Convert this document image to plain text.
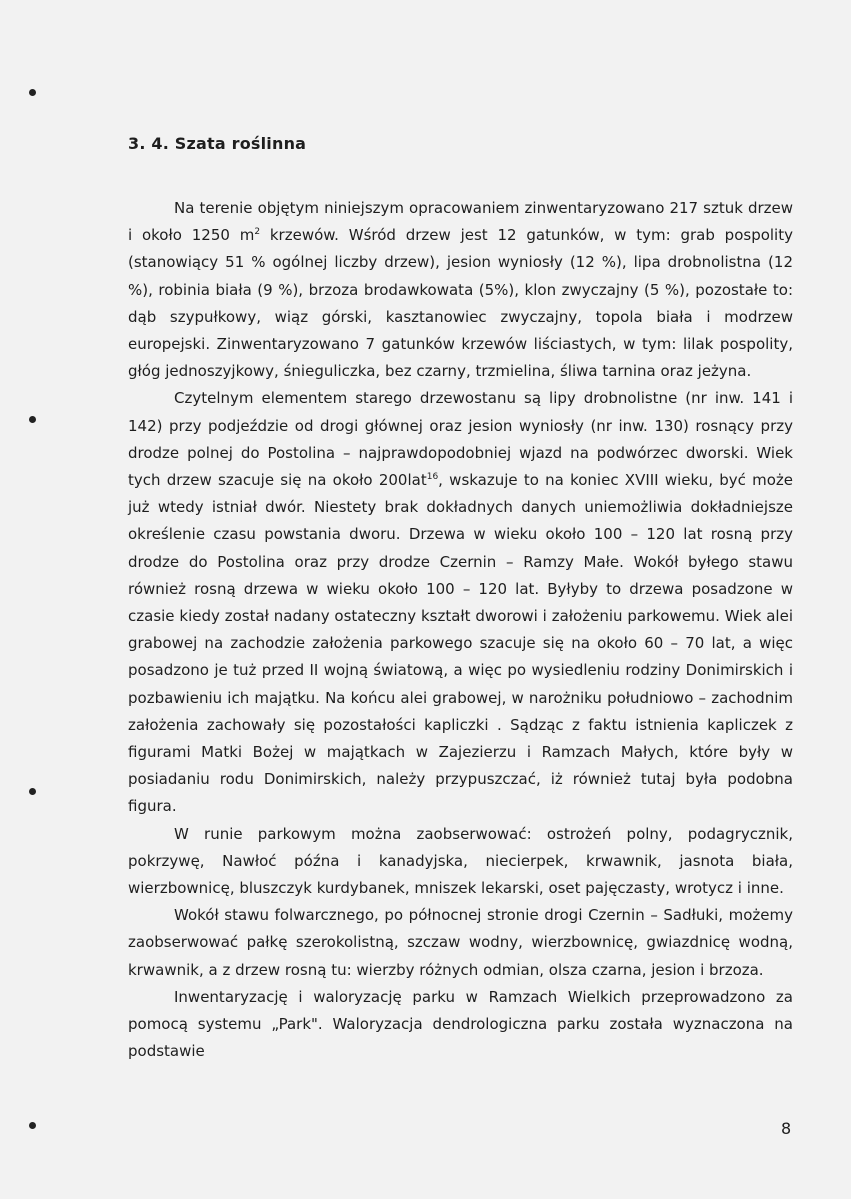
3. 4. Szata roślinna

Na terenie objętym niniejszym opracowaniem zinwentaryzowano 217 sztuk drzew i około 1250 $m^2$ krzewów. Wśród drzew jest 12 gatunków, w tym: grab pospolity (stanowiący 51 % ogólnej liczby drzew), jesion wyniosły (12 %), lipa drobnolistna (12 %), robinia biała (9 %), brzoza brodawkowata (5%), klon zwyczajny (5 %), pozostałe to: dąb szypułkowy, wiąz górski, kasztanowiec zwyczajny, topola biała i modrzew europejski. Zinwentaryzowano 7 gatunków krzewów liściastych, w tym: lilak pospolity, głóg jednoszyjkowy, śnieguliczka, bez czarny, trzmielina, śliwa tarnina oraz jeżyna.

Czytelnym elementem starego drzewostanu są lipy drobnolistne (nr inw. 141 i 142) przy podjeździe od drogi głównej oraz jesion wyniosły (nr inw. 130) rosnący przy drodze polnej do Postolina – najprawdopodobniej wjazd na podwórzec dworski. Wiek tych drzew szacuje się na około 200lat$^{16}$, wskazuje to na koniec XVIII wieku, być może już wtedy istniał dwór. Niestety brak dokładnych danych uniemożliwia dokładniejsze określenie czasu powstania dworu. Drzewa w wieku około 100 – 120 lat rosną przy drodze do Postolina oraz przy drodze Czernin – Ramzy Małe. Wokół byłego stawu również rosną drzewa w wieku około 100 – 120 lat. Byłyby to drzewa posadzone w czasie kiedy został nadany ostateczny kształt dworowi i założeniu parkowemu. Wiek alei grabowej na zachodzie założenia parkowego szacuje się na około 60 – 70 lat, a więc posadzono je tuż przed II wojną światową, a więc po wysiedleniu rodziny Donimirskich i pozbawieniu ich majątku. Na końcu alei grabowej, w narożniku południowo – zachodnim założenia zachowały się pozostałości kapliczki . Sądząc z faktu istnienia kapliczek z figurami Matki Bożej w majątkach w Zajezierzu i Ramzach Małych, które były w posiadaniu rodu Donimirskich, należy przypuszczać, iż również tutaj była podobna figura.

W runie parkowym można zaobserwować: ostrożeń polny, podagrycznik, pokrzywę, Nawłoć późna i kanadyjska, niecierpek, krwawnik, jasnota biała, wierzbownicę, bluszczyk kurdybanek, mniszek lekarski, oset pajęczasty, wrotycz i inne.

Wokół stawu folwarcznego, po północnej stronie drogi Czernin – Sadłuki, możemy zaobserwować pałkę szerokolistną, szczaw wodny, wierzbownicę, gwiazdnicę wodną, krwawnik, a z drzew rosną tu: wierzby różnych odmian, olsza czarna, jesion i brzoza.

Inwentaryzację i waloryzację parku w Ramzach Wielkich przeprowadzono za pomocą systemu „Park". Waloryzacja dendrologiczna parku została wyznaczona na podstawie

8
